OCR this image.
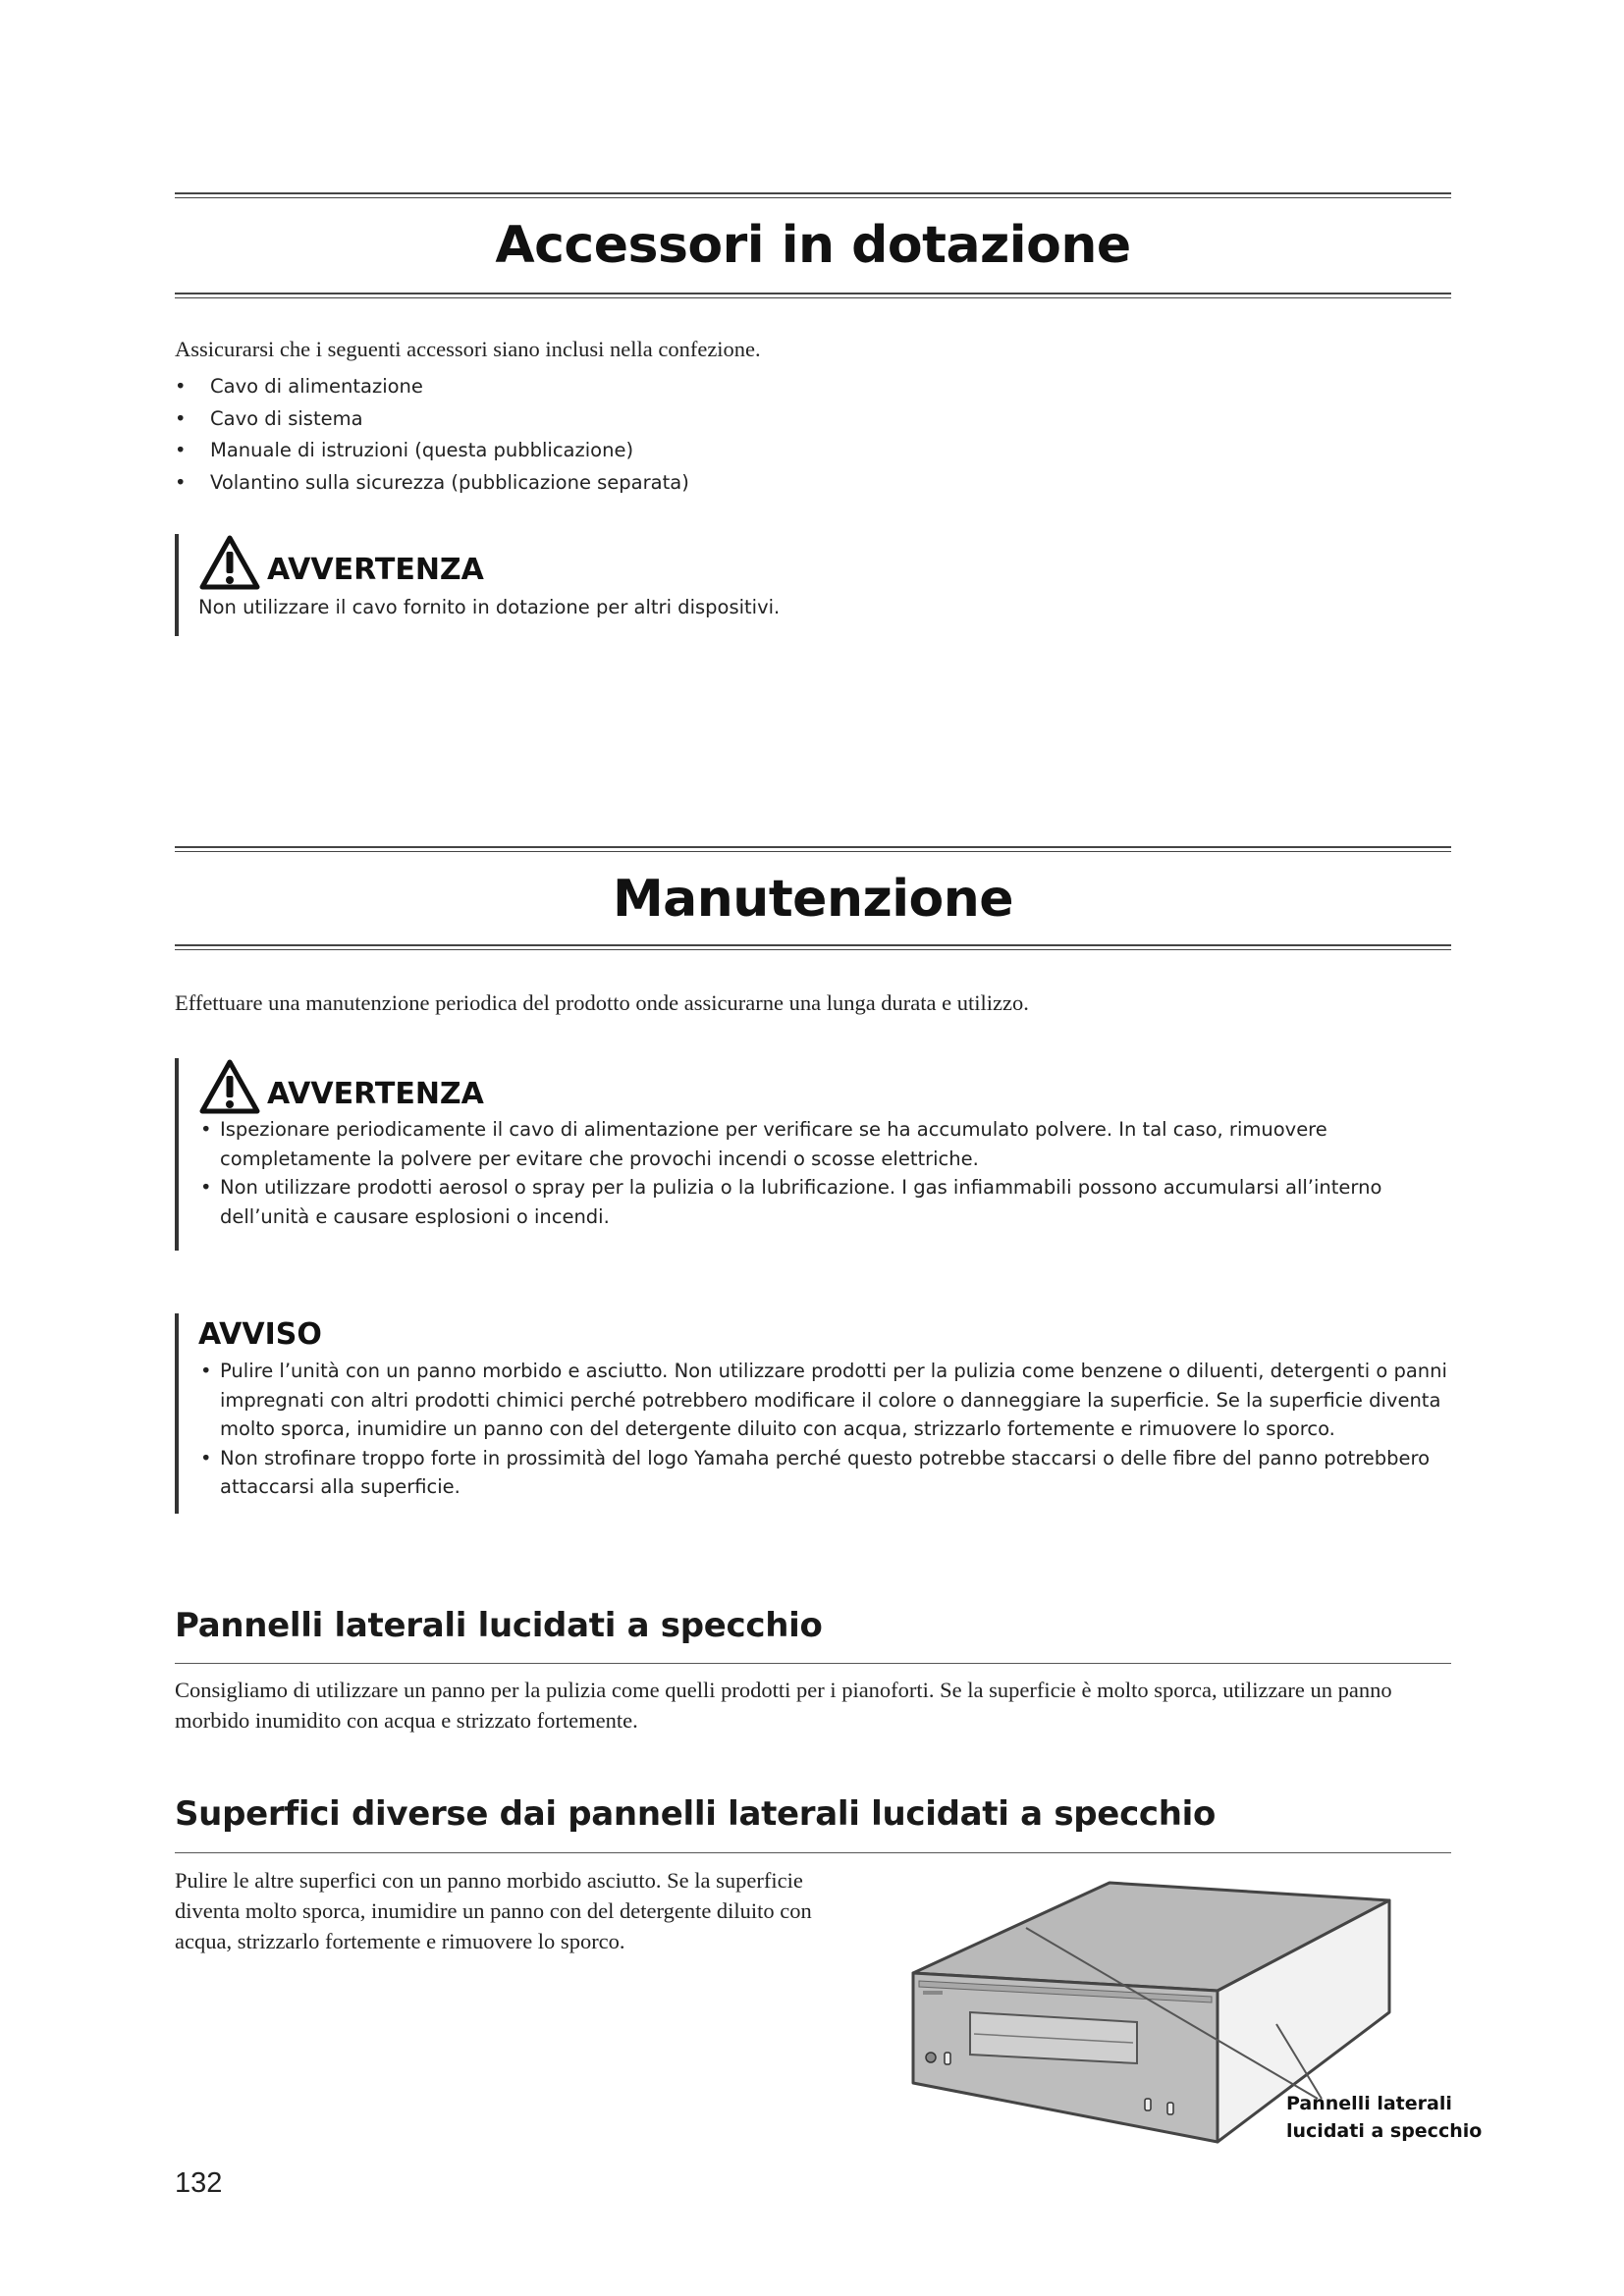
Accessori in dotazione
Assicurarsi che i seguenti accessori siano inclusi nella confezione.
• Cavo di alimentazione
• Cavo di sistema
• Manuale di istruzioni (questa pubblicazione)
• Volantino sulla sicurezza (pubblicazione separata)
AVVERTENZA
Non utilizzare il cavo fornito in dotazione per altri dispositivi.
Manutenzione
Effettuare una manutenzione periodica del prodotto onde assicurarne una lunga durata e utilizzo.
AVVERTENZA
• Ispezionare periodicamente il cavo di alimentazione per verificare se ha accumulato polvere. In tal caso, rimuovere completamente la polvere per evitare che provochi incendi o scosse elettriche.
• Non utilizzare prodotti aerosol o spray per la pulizia o la lubrificazione. I gas infiammabili possono accumularsi all’interno dell’unità e causare esplosioni o incendi.
AVVISO
• Pulire l’unità con un panno morbido e asciutto. Non utilizzare prodotti per la pulizia come benzene o diluenti, detergenti o panni impregnati con altri prodotti chimici perché potrebbero modificare il colore o danneggiare la superficie. Se la superficie diventa molto sporca, inumidire un panno con del detergente diluito con acqua, strizzarlo fortemente e rimuovere lo sporco.
• Non strofinare troppo forte in prossimità del logo Yamaha perché questo potrebbe staccarsi o delle fibre del panno potrebbero attaccarsi alla superficie.
Pannelli laterali lucidati a specchio
Consigliamo di utilizzare un panno per la pulizia come quelli prodotti per i pianoforti. Se la superficie è molto sporca, utilizzare un panno morbido inumidito con acqua e strizzato fortemente.
Superfici diverse dai pannelli laterali lucidati a specchio
Pulire le altre superfici con un panno morbido asciutto. Se la superficie diventa molto sporca, inumidire un panno con del detergente diluito con acqua, strizzarlo fortemente e rimuovere lo sporco.
Pannelli laterali
lucidati a specchio
132
